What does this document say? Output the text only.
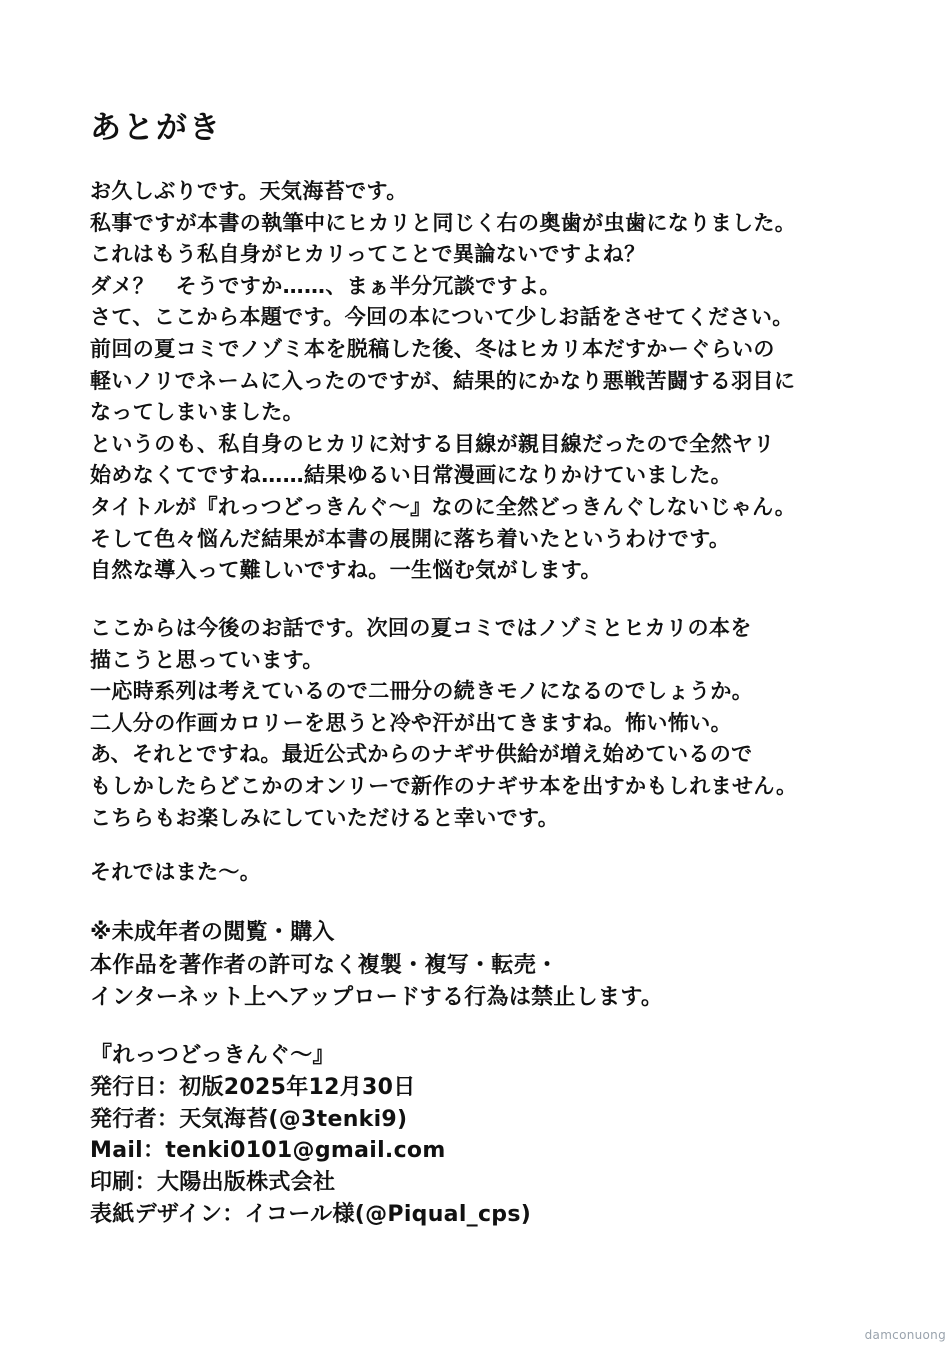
あとがき
お久しぶりです。天気海苔です。
私事ですが本書の執筆中にヒカリと同じく右の奥歯が虫歯になりました。
これはもう私自身がヒカリってことで異論ないですよね？
ダメ？　そうですか……、まぁ半分冗談ですよ。
さて、ここから本題です。今回の本について少しお話をさせてください。
前回の夏コミでノゾミ本を脱稿した後、冬はヒカリ本だすかーぐらいの
軽いノリでネームに入ったのですが、結果的にかなり悪戦苦闘する羽目に
なってしまいました。
というのも、私自身のヒカリに対する目線が親目線だったので全然ヤリ
始めなくてですね……結果ゆるい日常漫画になりかけていました。
タイトルが『れっつどっきんぐ～』なのに全然どっきんぐしないじゃん。
そして色々悩んだ結果が本書の展開に落ち着いたというわけです。
自然な導入って難しいですね。一生悩む気がします。
ここからは今後のお話です。次回の夏コミではノゾミとヒカリの本を
描こうと思っています。
一応時系列は考えているので二冊分の続きモノになるのでしょうか。
二人分の作画カロリーを思うと冷や汗が出てきますね。怖い怖い。
あ、それとですね。最近公式からのナギサ供給が増え始めているので
もしかしたらどこかのオンリーで新作のナギサ本を出すかもしれません。
こちらもお楽しみにしていただけると幸いです。
それではまた～。
※未成年者の閲覧・購入
本作品を著作者の許可なく複製・複写・転売・
インターネット上へアップロードする行為は禁止します。
『れっつどっきんぐ～』
発行日：初版2025年12月30日
発行者：天気海苔(@3tenki9)
Mail：tenki0101@gmail.com
印刷：大陽出版株式会社
表紙デザイン：イコール様(@Piqual_cps)
damconuong
